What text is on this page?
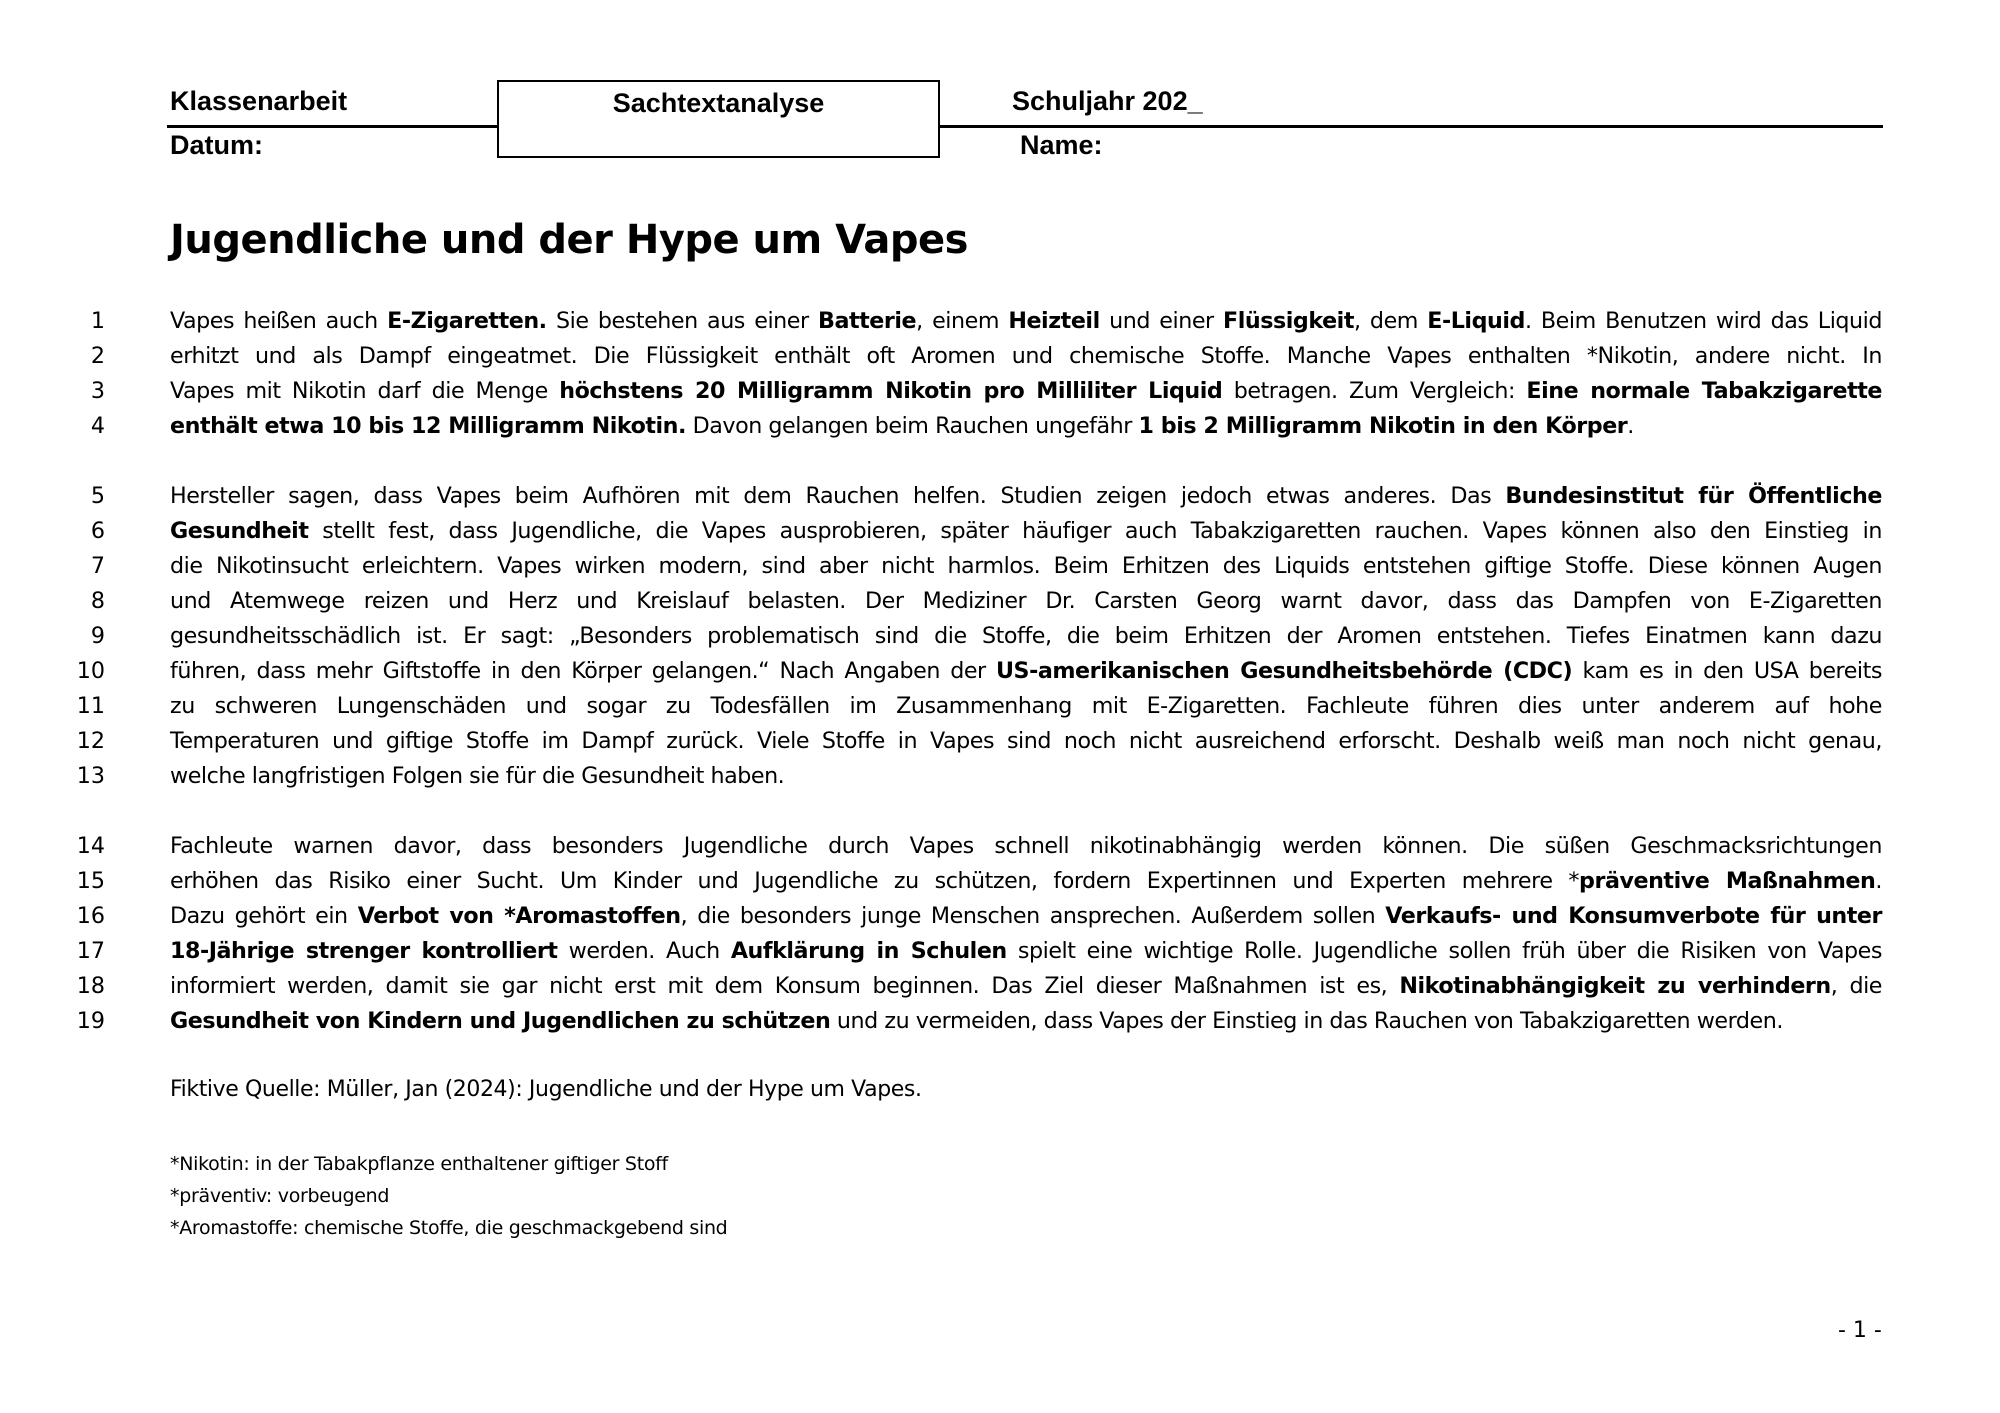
Klassenarbeit	Sachtextanalyse	Schuljahr 202_
Datum:	Name:
Jugendliche und der Hype um Vapes
1	Vapes heißen auch E-Zigaretten. Sie bestehen aus einer Batterie, einem Heizteil und einer Flüssigkeit, dem E-Liquid. Beim Benutzen wird das Liquid
2	erhitzt und als Dampf eingeatmet. Die Flüssigkeit enthält oft Aromen und chemische Stoffe. Manche Vapes enthalten *Nikotin, andere nicht. In
3	Vapes mit Nikotin darf die Menge höchstens 20 Milligramm Nikotin pro Milliliter Liquid betragen. Zum Vergleich: Eine normale Tabakzigarette
4	enthält etwa 10 bis 12 Milligramm Nikotin. Davon gelangen beim Rauchen ungefähr 1 bis 2 Milligramm Nikotin in den Körper.
5	Hersteller sagen, dass Vapes beim Aufhören mit dem Rauchen helfen. Studien zeigen jedoch etwas anderes. Das Bundesinstitut für Öffentliche
6	Gesundheit stellt fest, dass Jugendliche, die Vapes ausprobieren, später häufiger auch Tabakzigaretten rauchen. Vapes können also den Einstieg in
7	die Nikotinsucht erleichtern. Vapes wirken modern, sind aber nicht harmlos. Beim Erhitzen des Liquids entstehen giftige Stoffe. Diese können Augen
8	und Atemwege reizen und Herz und Kreislauf belasten. Der Mediziner Dr. Carsten Georg warnt davor, dass das Dampfen von E-Zigaretten
9	gesundheitsschädlich ist. Er sagt: „Besonders problematisch sind die Stoffe, die beim Erhitzen der Aromen entstehen. Tiefes Einatmen kann dazu
10	führen, dass mehr Giftstoffe in den Körper gelangen.“ Nach Angaben der US-amerikanischen Gesundheitsbehörde (CDC) kam es in den USA bereits
11	zu schweren Lungenschäden und sogar zu Todesfällen im Zusammenhang mit E-Zigaretten. Fachleute führen dies unter anderem auf hohe
12	Temperaturen und giftige Stoffe im Dampf zurück. Viele Stoffe in Vapes sind noch nicht ausreichend erforscht. Deshalb weiß man noch nicht genau,
13	welche langfristigen Folgen sie für die Gesundheit haben.
14	Fachleute warnen davor, dass besonders Jugendliche durch Vapes schnell nikotinabhängig werden können. Die süßen Geschmacksrichtungen
15	erhöhen das Risiko einer Sucht. Um Kinder und Jugendliche zu schützen, fordern Expertinnen und Experten mehrere *präventive Maßnahmen.
16	Dazu gehört ein Verbot von *Aromastoffen, die besonders junge Menschen ansprechen. Außerdem sollen Verkaufs- und Konsumverbote für unter
17	18-Jährige strenger kontrolliert werden. Auch Aufklärung in Schulen spielt eine wichtige Rolle. Jugendliche sollen früh über die Risiken von Vapes
18	informiert werden, damit sie gar nicht erst mit dem Konsum beginnen. Das Ziel dieser Maßnahmen ist es, Nikotinabhängigkeit zu verhindern, die
19	Gesundheit von Kindern und Jugendlichen zu schützen und zu vermeiden, dass Vapes der Einstieg in das Rauchen von Tabakzigaretten werden.
Fiktive Quelle: Müller, Jan (2024): Jugendliche und der Hype um Vapes.
*Nikotin: in der Tabakpflanze enthaltener giftiger Stoff
*präventiv: vorbeugend
*Aromastoffe: chemische Stoffe, die geschmackgebend sind
- 1 -
